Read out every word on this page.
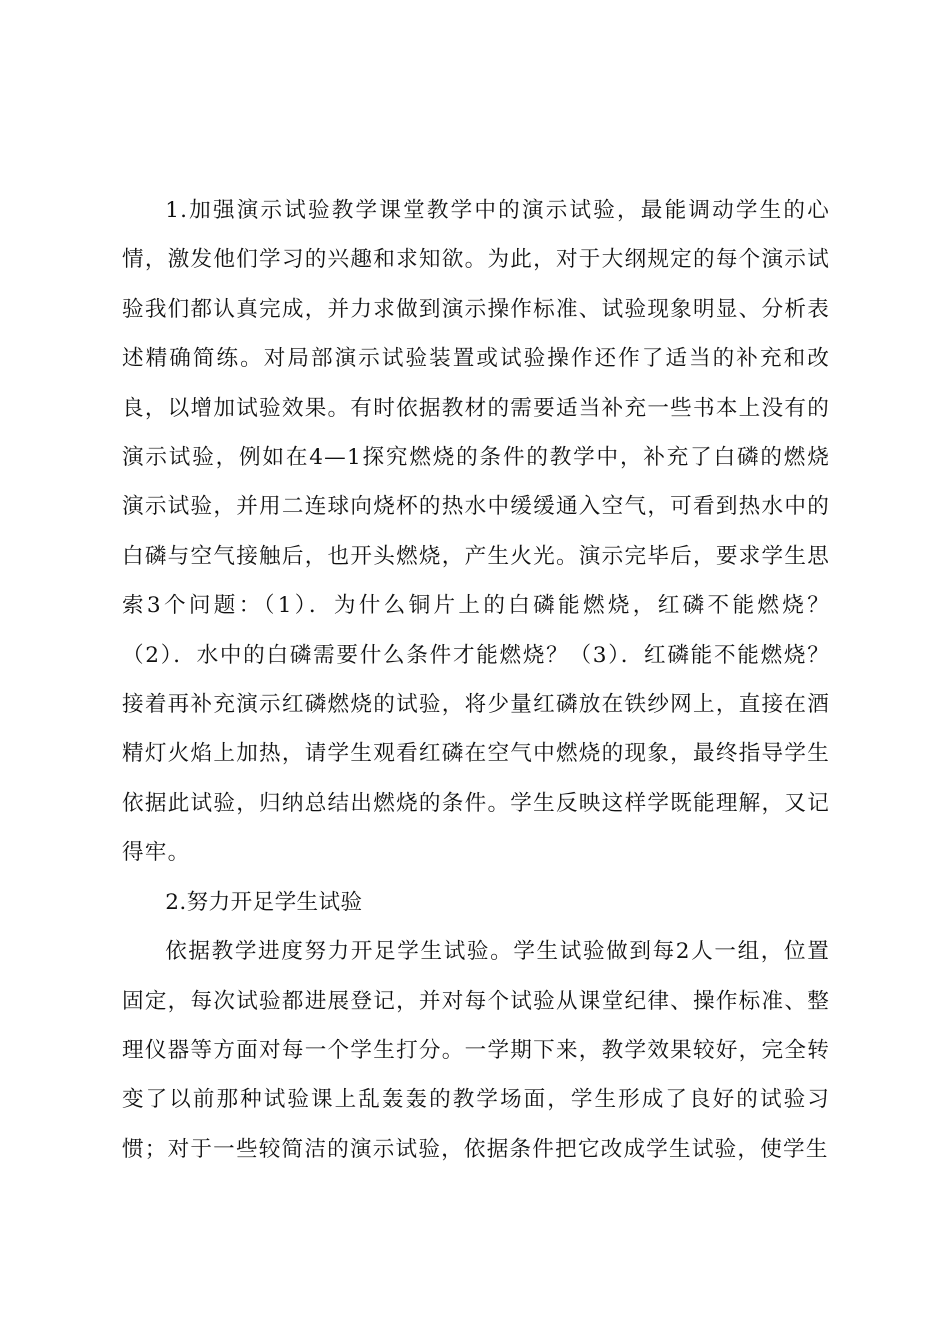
1.加强演示试验教学课堂教学中的演示试验，最能调动学生的心情，激发他们学习的兴趣和求知欲。为此，对于大纲规定的每个演示试验我们都认真完成，并力求做到演示操作标准、试验现象明显、分析表述精确简练。对局部演示试验装置或试验操作还作了适当的补充和改良，以增加试验效果。有时依据教材的需要适当补充一些书本上没有的演示试验，例如在4—1探究燃烧的条件的教学中，补充了白磷的燃烧演示试验，并用二连球向烧杯的热水中缓缓通入空气，可看到热水中的白磷与空气接触后，也开头燃烧，产生火光。演示完毕后，要求学生思索3个问题：（1）．为什么铜片上的白磷能燃烧，红磷不能燃烧？（2）．水中的白磷需要什么条件才能燃烧？（3）．红磷能不能燃烧？接着再补充演示红磷燃烧的试验，将少量红磷放在铁纱网上，直接在酒精灯火焰上加热，请学生观看红磷在空气中燃烧的现象，最终指导学生依据此试验，归纳总结出燃烧的条件。学生反映这样学既能理解，又记得牢。

2.努力开足学生试验

依据教学进度努力开足学生试验。学生试验做到每2人一组，位置固定，每次试验都进展登记，并对每个试验从课堂纪律、操作标准、整理仪器等方面对每一个学生打分。一学期下来，教学效果较好，完全转变了以前那种试验课上乱轰轰的教学场面，学生形成了良好的试验习惯；对于一些较简洁的演示试验，依据条件把它改成学生试验，使学生
